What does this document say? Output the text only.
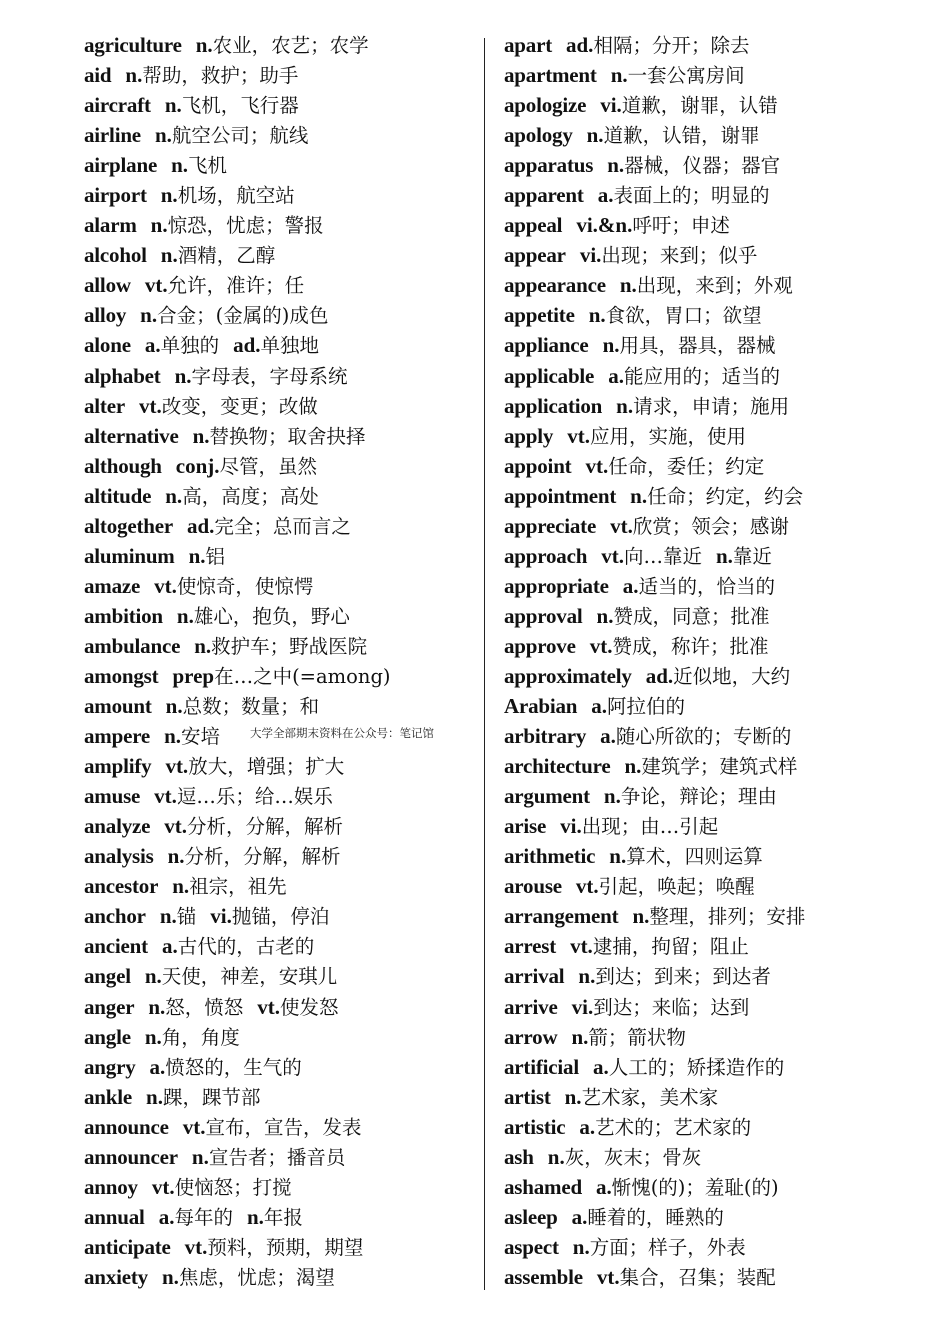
agriculture n.农业，农艺；农学
aid n.帮助，救护；助手
aircraft n.飞机，飞行器
airline n.航空公司；航线
airplane n.飞机
airport n.机场，航空站
alarm n.惊恐，忧虑；警报
alcohol n.酒精，乙醇
allow vt.允许，准许；任
alloy n.合金；(金属的)成色
alone a.单独的 ad.单独地
alphabet n.字母表，字母系统
alter vt.改变，变更；改做
alternative n.替换物；取舍抉择
although conj.尽管，虽然
altitude n.高，高度；高处
altogether ad.完全；总而言之
aluminum n.铝
amaze vt.使惊奇，使惊愕
ambition n.雄心，抱负，野心
ambulance n.救护车；野战医院
amongst prep在…之中(=among)
amount n.总数；数量；和
ampere n.安培
amplify vt.放大，增强；扩大
amuse vt.逗…乐；给…娱乐
analyze vt.分析，分解，解析
analysis n.分析，分解，解析
ancestor n.祖宗，祖先
anchor n.锚 vi.抛锚，停泊
ancient a.古代的，古老的
angel n.天使，神差，安琪儿
anger n.怒，愤怒 vt.使发怒
angle n.角，角度
angry a.愤怒的，生气的
ankle n.踝，踝节部
announce vt.宣布，宣告，发表
announcer n.宣告者；播音员
annoy vt.使恼怒；打搅
annual a.每年的 n.年报
anticipate vt.预料，预期，期望
anxiety n.焦虑，忧虑；渴望
apart ad.相隔；分开；除去
apartment n.一套公寓房间
apologize vi.道歉，谢罪，认错
apology n.道歉，认错，谢罪
apparatus n.器械，仪器；器官
apparent a.表面上的；明显的
appeal vi.&n.呼吁；申述
appear vi.出现；来到；似乎
appearance n.出现，来到；外观
appetite n.食欲，胃口；欲望
appliance n.用具，器具，器械
applicable a.能应用的；适当的
application n.请求，申请；施用
apply vt.应用，实施，使用
appoint vt.任命，委任；约定
appointment n.任命；约定，约会
appreciate vt.欣赏；领会；感谢
approach vt.向…靠近 n.靠近
appropriate a.适当的，恰当的
approval n.赞成，同意；批准
approve vt.赞成，称许；批准
approximately ad.近似地，大约
Arabian a.阿拉伯的
arbitrary a.随心所欲的；专断的
architecture n.建筑学；建筑式样
argument n.争论，辩论；理由
arise vi.出现；由…引起
arithmetic n.算术，四则运算
arouse vt.引起，唤起；唤醒
arrangement n.整理，排列；安排
arrest vt.逮捕，拘留；阻止
arrival n.到达；到来；到达者
arrive vi.到达；来临；达到
arrow n.箭；箭状物
artificial a.人工的；矫揉造作的
artist n.艺术家，美术家
artistic a.艺术的；艺术家的
ash n.灰，灰末；骨灰
ashamed a.惭愧(的)；羞耻(的)
asleep a.睡着的，睡熟的
aspect n.方面；样子，外表
assemble vt.集合，召集；装配
大学全部期末资料在公众号：笔记馆
